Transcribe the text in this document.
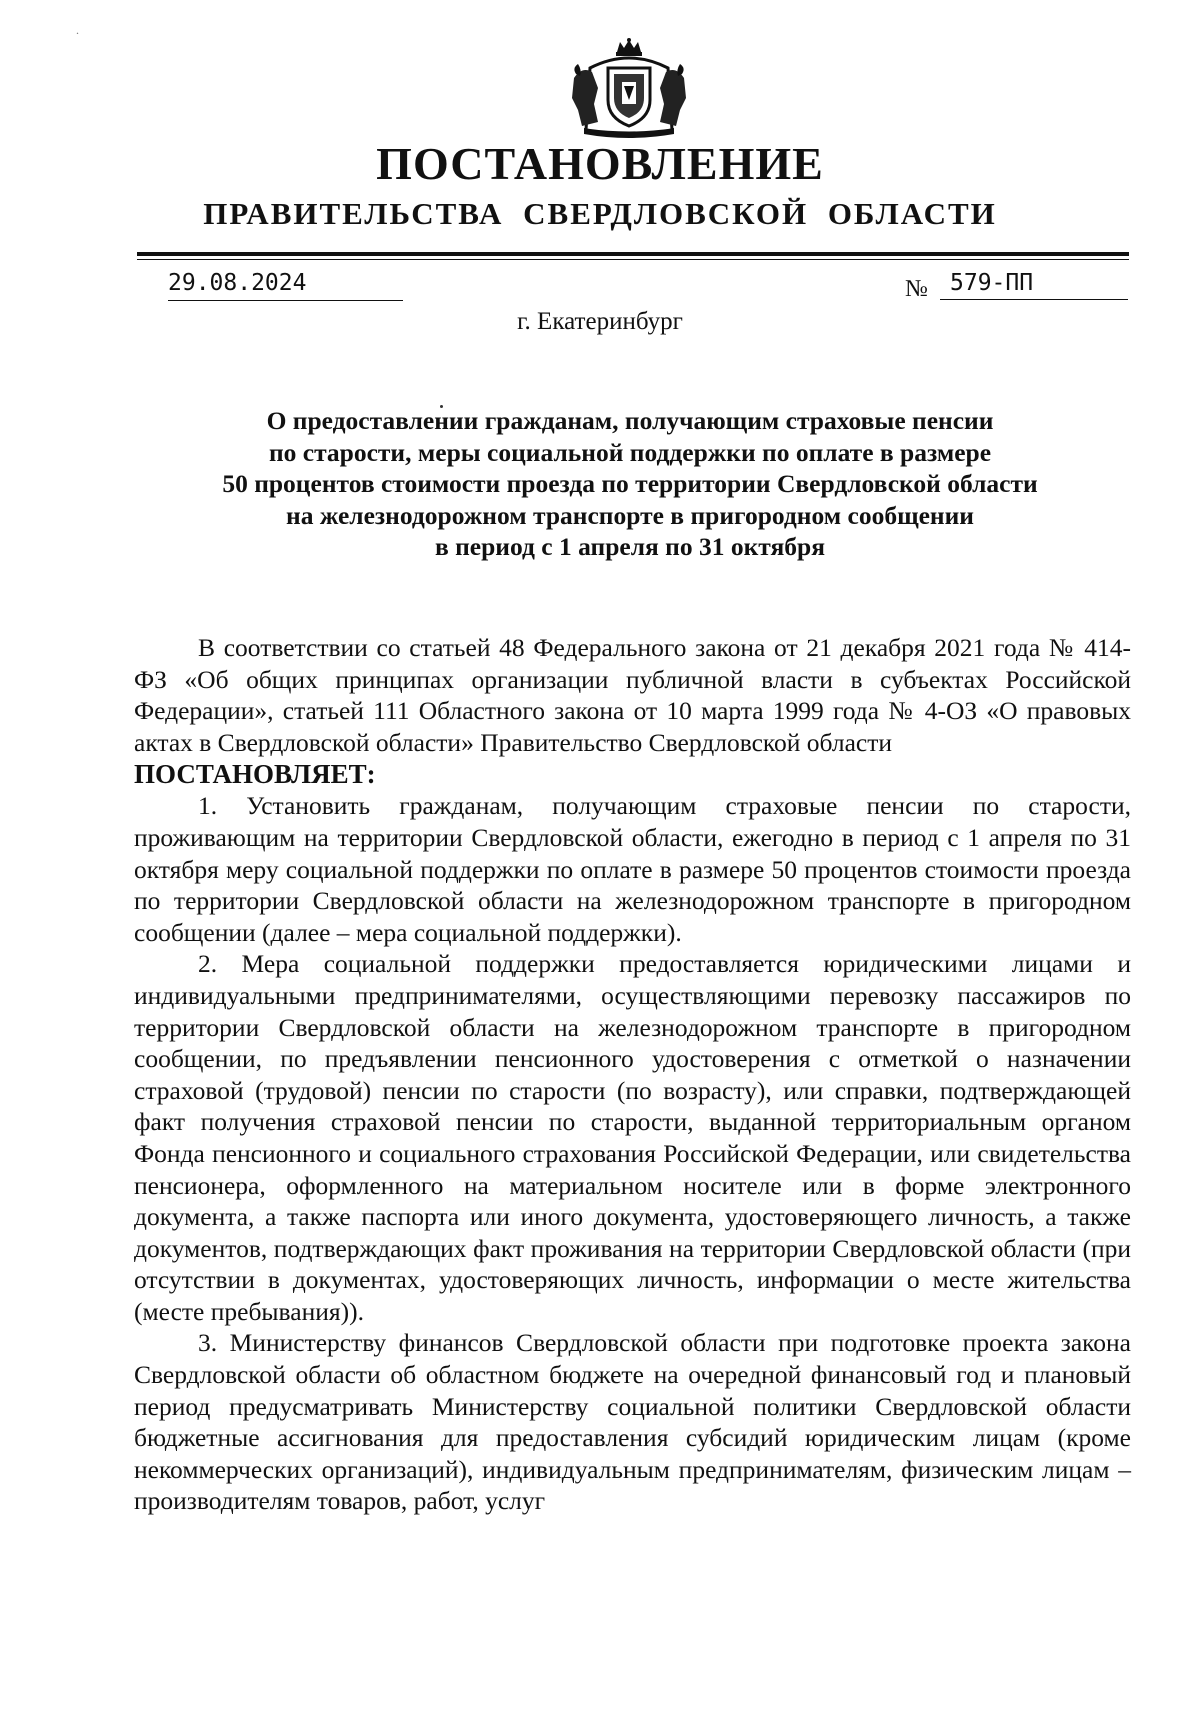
.
ПОСТАНОВЛЕНИЕ
ПРАВИТЕЛЬСТВА СВЕРДЛОВСКОЙ ОБЛАСТИ
29.08.2024	№ 579-ПП
г. Екатеринбург
О предоставлении гражданам, получающим страховые пенсии
по старости, меры социальной поддержки по оплате в размере
50 процентов стоимости проезда по территории Свердловской области
на железнодорожном транспорте в пригородном сообщении
в период с 1 апреля по 31 октября

В соответствии со статьей 48 Федерального закона от 21 декабря 2021 года № 414-ФЗ «Об общих принципах организации публичной власти в субъектах Российской Федерации», статьей 111 Областного закона от 10 марта 1999 года № 4-ОЗ «О правовых актах в Свердловской области» Правительство Свердловской области

ПОСТАНОВЛЯЕТ:

1. Установить гражданам, получающим страховые пенсии по старости, проживающим на территории Свердловской области, ежегодно в период с 1 апреля по 31 октября меру социальной поддержки по оплате в размере 50 процентов стоимости проезда по территории Свердловской области на железнодорожном транспорте в пригородном сообщении (далее – мера социальной поддержки).

2. Мера социальной поддержки предоставляется юридическими лицами и индивидуальными предпринимателями, осуществляющими перевозку пассажиров по территории Свердловской области на железнодорожном транспорте в пригородном сообщении, по предъявлении пенсионного удостоверения с отметкой о назначении страховой (трудовой) пенсии по старости (по возрасту), или справки, подтверждающей факт получения страховой пенсии по старости, выданной территориальным органом Фонда пенсионного и социального страхования Российской Федерации, или свидетельства пенсионера, оформленного на материальном носителе или в форме электронного документа, а также паспорта или иного документа, удостоверяющего личность, а также документов, подтверждающих факт проживания на территории Свердловской области (при отсутствии в документах, удостоверяющих личность, информации о месте жительства (месте пребывания)).

3. Министерству финансов Свердловской области при подготовке проекта закона Свердловской области об областном бюджете на очередной финансовый год и плановый период предусматривать Министерству социальной политики Свердловской области бюджетные ассигнования для предоставления субсидий юридическим лицам (кроме некоммерческих организаций), индивидуальным предпринимателям, физическим лицам – производителям товаров, работ, услуг
